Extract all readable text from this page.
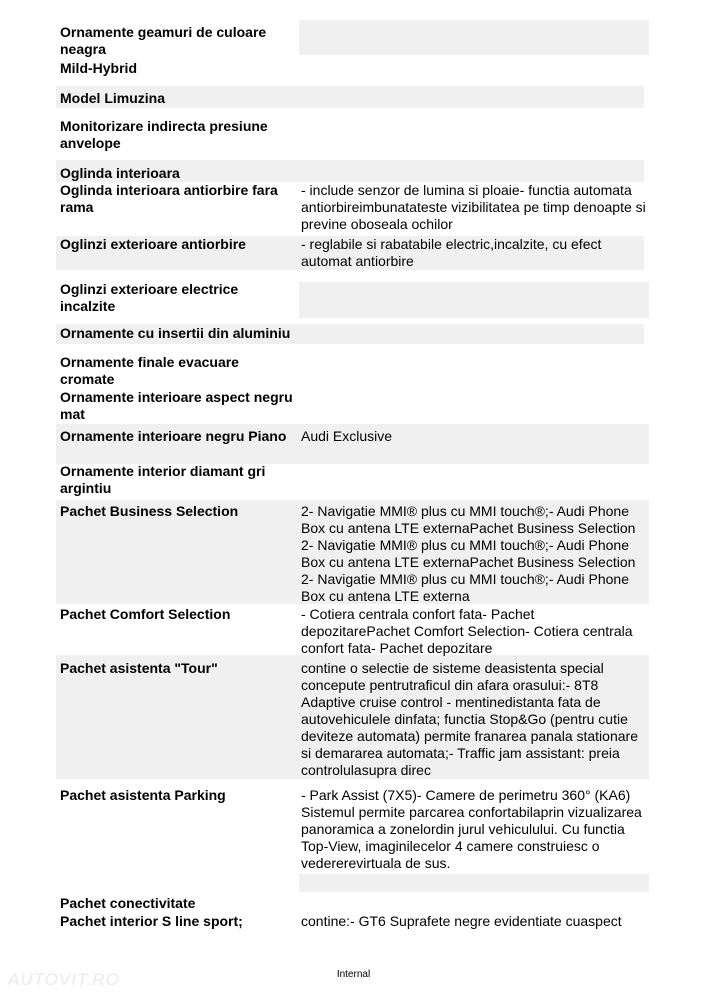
Ornamente geamuri de culoare neagra
Mild-Hybrid
Model Limuzina
Monitorizare indirecta presiune anvelope
Oglinda interioara
Oglinda interioara antiorbire fara rama
Oglinzi exterioare antiorbire
Oglinzi exterioare electrice incalzite
Ornamente cu insertii din aluminiu
Ornamente finale evacuare cromate
Ornamente interioare aspect negru mat
Ornamente interioare negru Piano
Ornamente interior diamant gri argintiu
Pachet Business Selection
Pachet Comfort Selection
Pachet asistenta "Tour"
Pachet asistenta Parking
Pachet conectivitate
Pachet interior S line sport;
- include senzor de lumina si ploaie- functia automata antiorbireimbunatateste vizibilitatea pe timp denoapte si previne oboseala ochilor
- reglabile si rabatabile electric,incalzite, cu efect automat antiorbire
Audi Exclusive
2- Navigatie MMI® plus cu MMI touch®;- Audi Phone Box cu antena LTE externaPachet Business Selection 2- Navigatie MMI® plus cu MMI touch®;- Audi Phone Box cu antena LTE externaPachet Business Selection 2- Navigatie MMI® plus cu MMI touch®;- Audi Phone Box cu antena LTE externa
- Cotiera centrala confort fata- Pachet depozitarePachet Comfort Selection- Cotiera centrala confort fata- Pachet depozitare
contine o selectie de sisteme deasistenta special concepute pentrutraficul din afara orasului:- 8T8 Adaptive cruise control - mentinedistanta fata de autovehiculele dinfata; functia Stop&Go (pentru cutie deviteze automata) permite franarea panala stationare si demararea automata;- Traffic jam assistant: preia controlulasupra direc
- Park Assist (7X5)- Camere de perimetru 360° (KA6) Sistemul permite parcarea confortabilaprin vizualizarea panoramica a zonelordin jurul vehiculului. Cu functia Top-View, imaginilecelor 4 camere construiesc o vedererevirtuala de sus.
contine:- GT6 Suprafete negre evidentiate cuaspect
AUTOVIT.RO	Internal
